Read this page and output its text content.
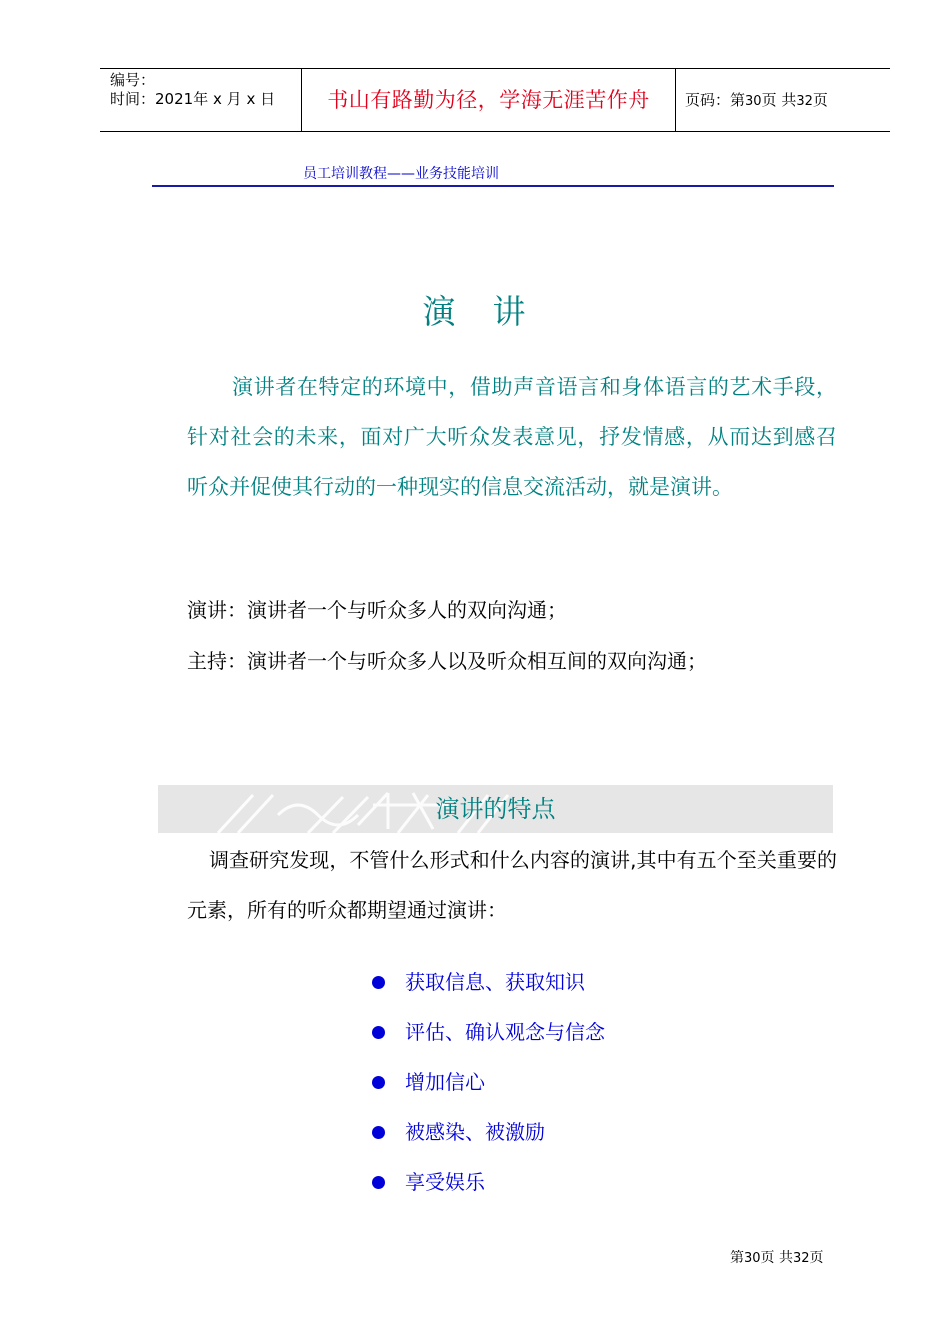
编号：
时间：2021年 x 月 x 日	书山有路勤为径，学海无涯苦作舟	页码：第30页 共32页
员工培训教程——业务技能培训
演　讲

演讲者在特定的环境中，借助声音语言和身体语言的艺术手段，针对社会的未来，面对广大听众发表意见，抒发情感，从而达到感召听众并促使其行动的一种现实的信息交流活动，就是演讲。

演讲：演讲者一个与听众多人的双向沟通；
主持：演讲者一个与听众多人以及听众相互间的双向沟通；
演讲的特点

调查研究发现，不管什么形式和什么内容的演讲,其中有五个至关重要的元素，所有的听众都期望通过演讲：

获取信息、获取知识
评估、确认观念与信念
增加信心
被感染、被激励
享受娱乐
第30页 共32页
